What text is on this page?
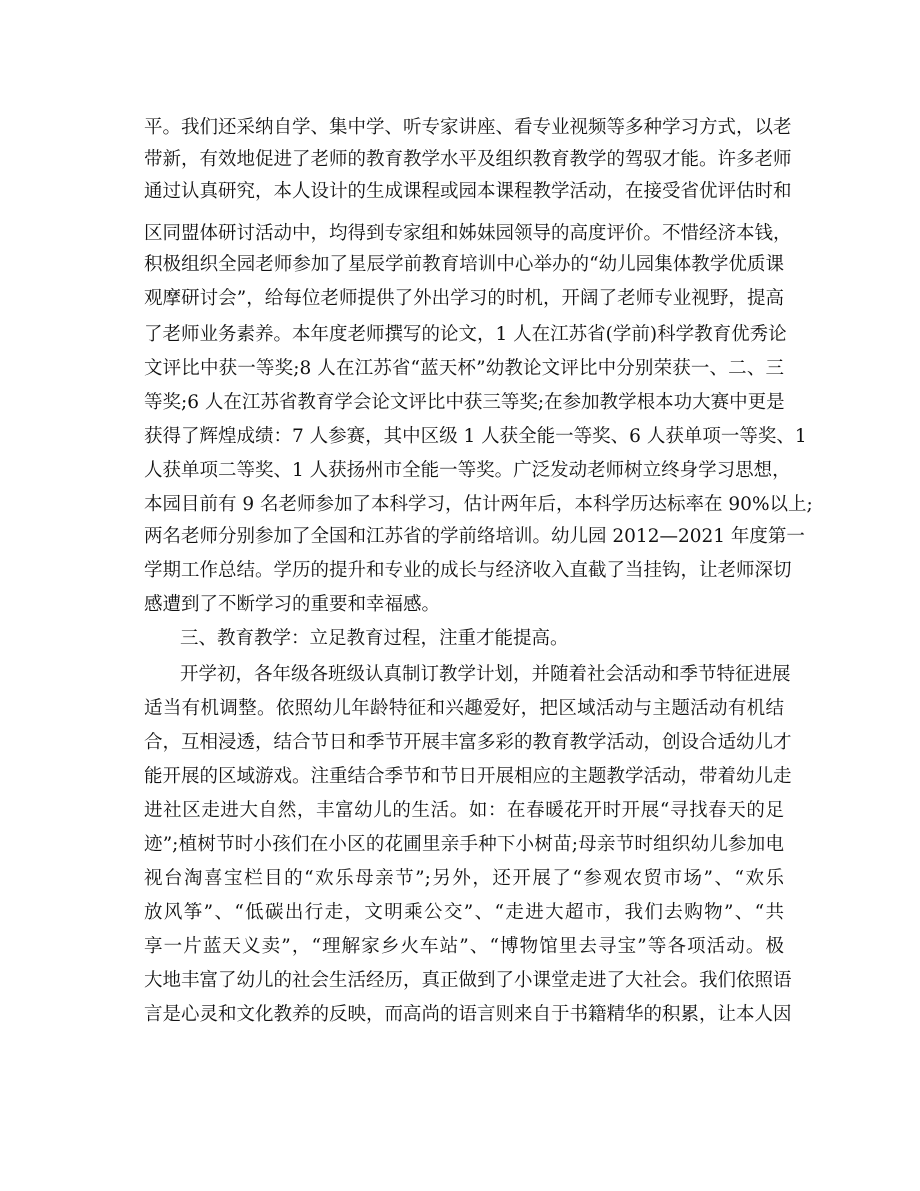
平。我们还采纳自学、集中学、听专家讲座、看专业视频等多种学习方式，以老
带新，有效地促进了老师的教育教学水平及组织教育教学的驾驭才能。许多老师
通过认真研究，本人设计的生成课程或园本课程教学活动，在接受省优评估时和
区同盟体研讨活动中，均得到专家组和姊妹园领导的高度评价。不惜经济本钱，
积极组织全园老师参加了星辰学前教育培训中心举办的“幼儿园集体教学优质课
观摩研讨会”，给每位老师提供了外出学习的时机，开阔了老师专业视野，提高
了老师业务素养。本年度老师撰写的论文，1 人在江苏省(学前)科学教育优秀论
文评比中获一等奖;8 人在江苏省“蓝天杯”幼教论文评比中分别荣获一、二、三
等奖;6 人在江苏省教育学会论文评比中获三等奖;在参加教学根本功大赛中更是
获得了辉煌成绩：7 人参赛，其中区级 1 人获全能一等奖、6 人获单项一等奖、1
人获单项二等奖、1 人获扬州市全能一等奖。广泛发动老师树立终身学习思想，
本园目前有 9 名老师参加了本科学习，估计两年后，本科学历达标率在 90%以上;
两名老师分别参加了全国和江苏省的学前络培训。幼儿园 2012—2021 年度第一
学期工作总结。学历的提升和专业的成长与经济收入直截了当挂钩，让老师深切
感遭到了不断学习的重要和幸福感。
三、教育教学：立足教育过程，注重才能提高。
开学初，各年级各班级认真制订教学计划，并随着社会活动和季节特征进展
适当有机调整。依照幼儿年龄特征和兴趣爱好，把区域活动与主题活动有机结
合，互相浸透，结合节日和季节开展丰富多彩的教育教学活动，创设合适幼儿才
能开展的区域游戏。注重结合季节和节日开展相应的主题教学活动，带着幼儿走
进社区走进大自然，丰富幼儿的生活。如：在春暖花开时开展“寻找春天的足
迹”;植树节时小孩们在小区的花圃里亲手种下小树苗;母亲节时组织幼儿参加电
视台淘喜宝栏目的“欢乐母亲节”;另外，还开展了“参观农贸市场”、“欢乐
放风筝”、“低碳出行走，文明乘公交”、“走进大超市，我们去购物”、“共
享一片蓝天义卖”，“理解家乡火车站”、“博物馆里去寻宝”等各项活动。极
大地丰富了幼儿的社会生活经历，真正做到了小课堂走进了大社会。我们依照语
言是心灵和文化教养的反映，而高尚的语言则来自于书籍精华的积累，让本人因
